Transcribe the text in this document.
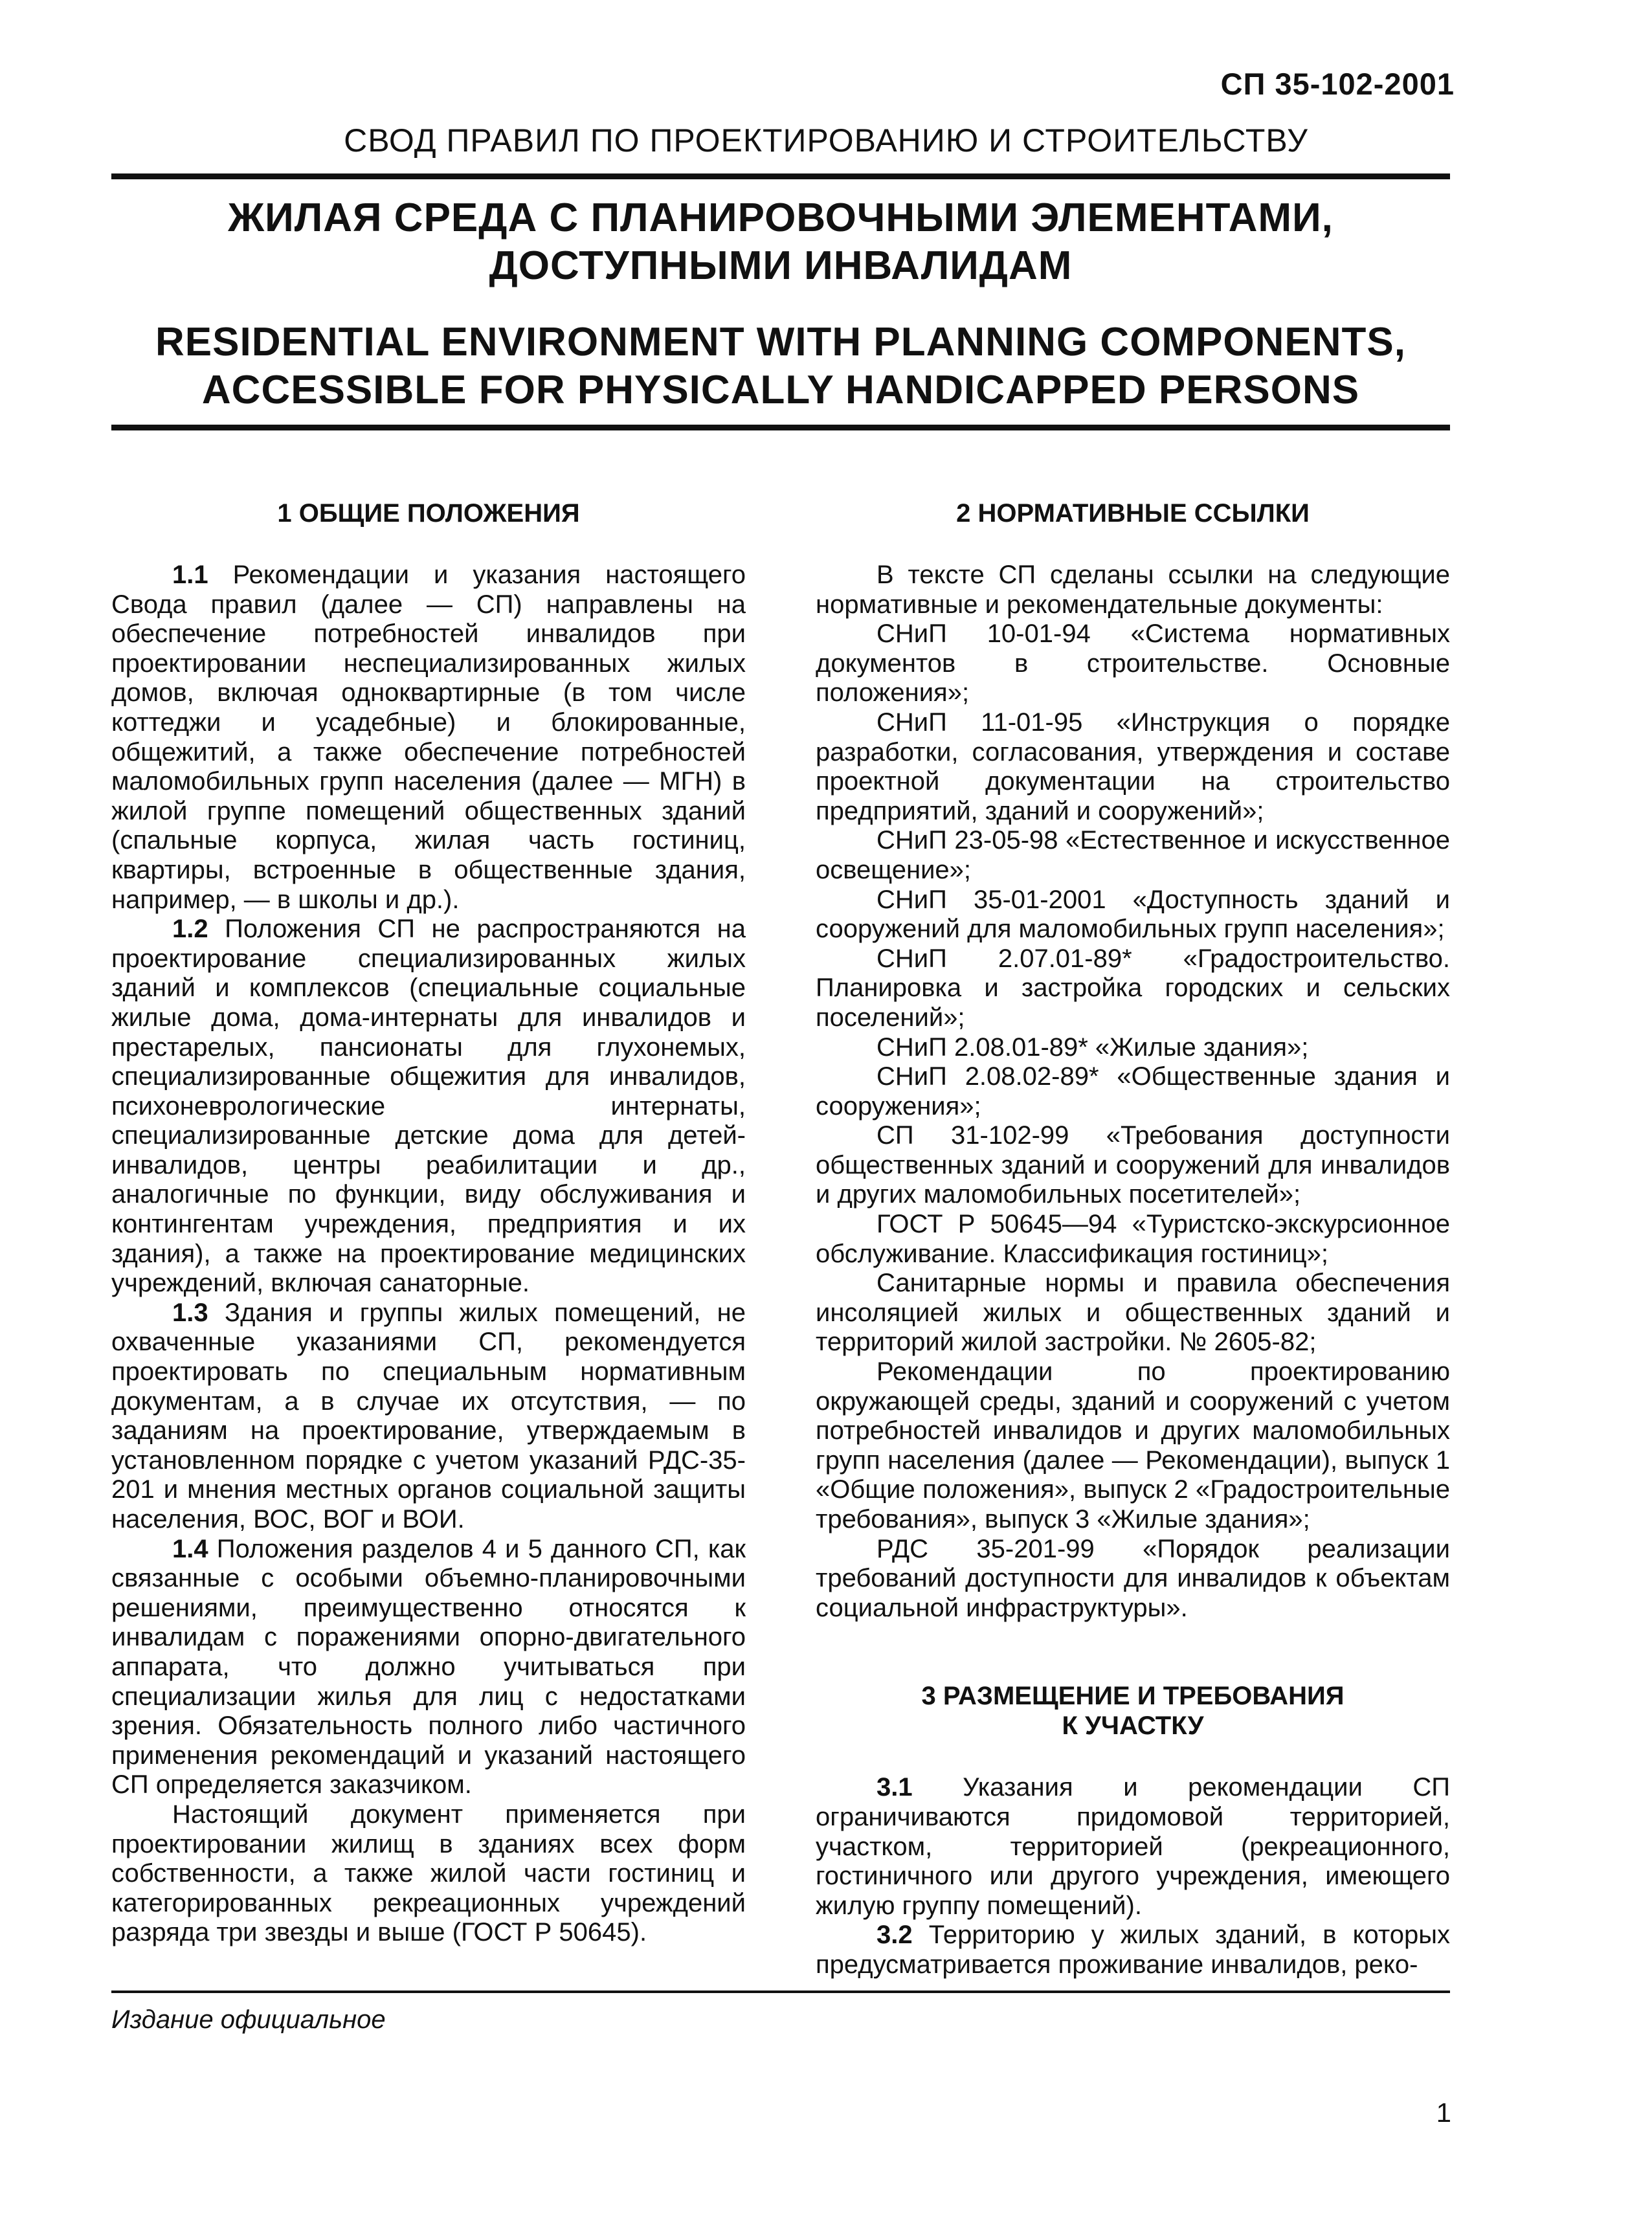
СП 35-102-2001
СВОД ПРАВИЛ ПО ПРОЕКТИРОВАНИЮ И СТРОИТЕЛЬСТВУ
ЖИЛАЯ СРЕДА С ПЛАНИРОВОЧНЫМИ ЭЛЕМЕНТАМИ,
ДОСТУПНЫМИ ИНВАЛИДАМ
RESIDENTIAL ENVIRONMENT WITH PLANNING COMPONENTS,
ACCESSIBLE FOR PHYSICALLY HANDICAPPED PERSONS
1 ОБЩИЕ ПОЛОЖЕНИЯ

1.1 Рекомендации и указания настоящего Свода правил (далее — СП) направлены на обеспечение потребностей инвалидов при проектировании неспециализированных жилых домов, включая одноквартирные (в том числе коттеджи и усадебные) и блокированные, общежитий, а также обеспечение потребностей маломобильных групп населения (далее — МГН) в жилой группе помещений общественных зданий (спальные корпуса, жилая часть гостиниц, квартиры, встроенные в общественные здания, например, — в школы и др.).

1.2 Положения СП не распространяются на проектирование специализированных жилых зданий и комплексов (специальные социальные жилые дома, дома-интернаты для инвалидов и престарелых, пансионаты для глухонемых, специализированные общежития для инвалидов, психоневрологические интернаты, специализированные детские дома для детей-инвалидов, центры реабилитации и др., аналогичные по функции, виду обслуживания и контингентам учреждения, предприятия и их здания), а также на проектирование медицинских учреждений, включая санаторные.

1.3 Здания и группы жилых помещений, не охваченные указаниями СП, рекомендуется проектировать по специальным нормативным документам, а в случае их отсутствия, — по заданиям на проектирование, утверждаемым в установленном порядке с учетом указаний РДС-35-201 и мнения местных органов социальной защиты населения, ВОС, ВОГ и ВОИ.

1.4 Положения разделов 4 и 5 данного СП, как связанные с особыми объемно-планировочными решениями, преимущественно относятся к инвалидам с поражениями опорно-двигательного аппарата, что должно учитываться при специализации жилья для лиц с недостатками зрения. Обязательность полного либо частичного применения рекомендаций и указаний настоящего СП определяется заказчиком.

Настоящий документ применяется при проектировании жилищ в зданиях всех форм собственности, а также жилой части гостиниц и категорированных рекреационных учреждений разряда три звезды и выше (ГОСТ Р 50645).

2 НОРМАТИВНЫЕ ССЫЛКИ

В тексте СП сделаны ссылки на следующие нормативные и рекомендательные документы:

СНиП 10-01-94 «Система нормативных документов в строительстве. Основные положения»;

СНиП 11-01-95 «Инструкция о порядке разработки, согласования, утверждения и составе проектной документации на строительство предприятий, зданий и сооружений»;

СНиП 23-05-98 «Естественное и искусственное освещение»;

СНиП 35-01-2001 «Доступность зданий и сооружений для маломобильных групп населения»;

СНиП 2.07.01-89* «Градостроительство. Планировка и застройка городских и сельских поселений»;

СНиП 2.08.01-89* «Жилые здания»;

СНиП 2.08.02-89* «Общественные здания и сооружения»;

СП 31-102-99 «Требования доступности общественных зданий и сооружений для инвалидов и других маломобильных посетителей»;

ГОСТ Р 50645—94 «Туристско-экскурсионное обслуживание. Классификация гостиниц»;

Санитарные нормы и правила обеспечения инсоляцией жилых и общественных зданий и территорий жилой застройки. № 2605-82;

Рекомендации по проектированию окружающей среды, зданий и сооружений с учетом потребностей инвалидов и других маломобильных групп населения (далее — Рекомендации), выпуск 1 «Общие положения», выпуск 2 «Градостроительные требования», выпуск 3 «Жилые здания»;

РДС 35-201-99 «Порядок реализации требований доступности для инвалидов к объектам социальной инфраструктуры».

3 РАЗМЕЩЕНИЕ И ТРЕБОВАНИЯ
К УЧАСТКУ

3.1 Указания и рекомендации СП ограничиваются придомовой территорией, участком, территорией (рекреационного, гостиничного или другого учреждения, имеющего жилую группу помещений).

3.2 Территорию у жилых зданий, в которых предусматривается проживание инвалидов, реко-

Издание официальное
1
